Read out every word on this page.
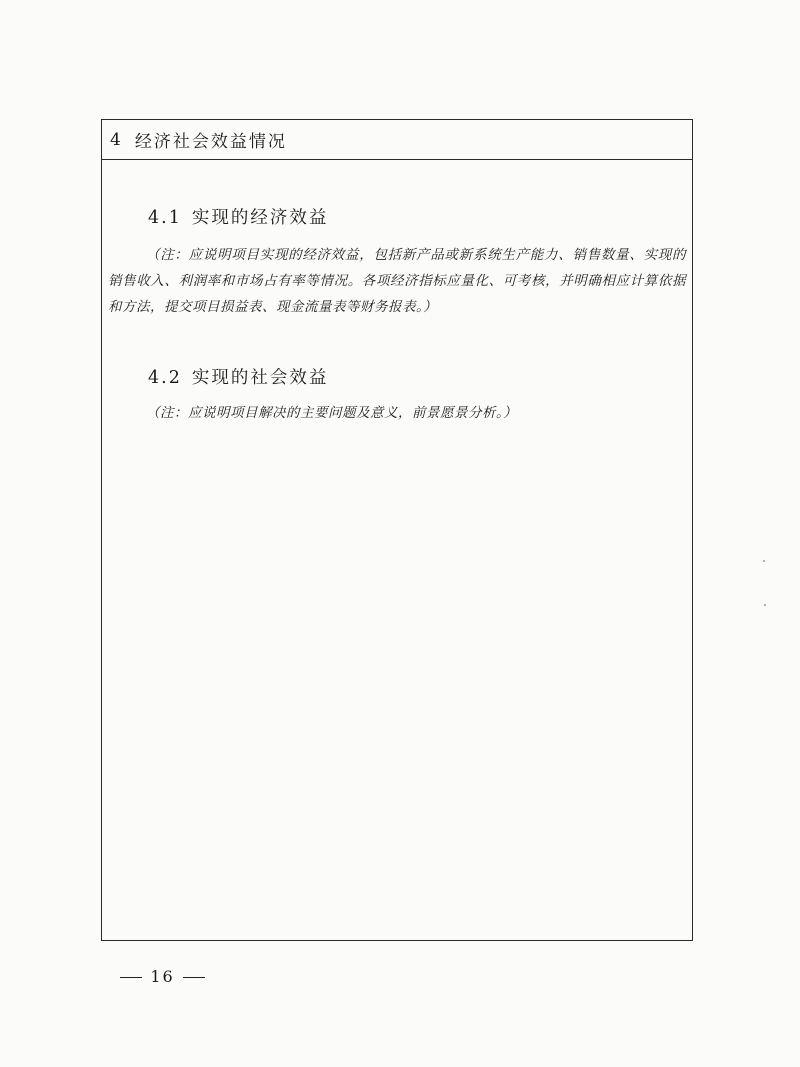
4 经济社会效益情况
4.1 实现的经济效益
（注：应说明项目实现的经济效益，包括新产品或新系统生产能力、销售数量、实现的销售收入、利润率和市场占有率等情况。各项经济指标应量化、可考核，并明确相应计算依据和方法，提交项目损益表、现金流量表等财务报表。）
4.2 实现的社会效益
（注：应说明项目解决的主要问题及意义，前景愿景分析。）
16
